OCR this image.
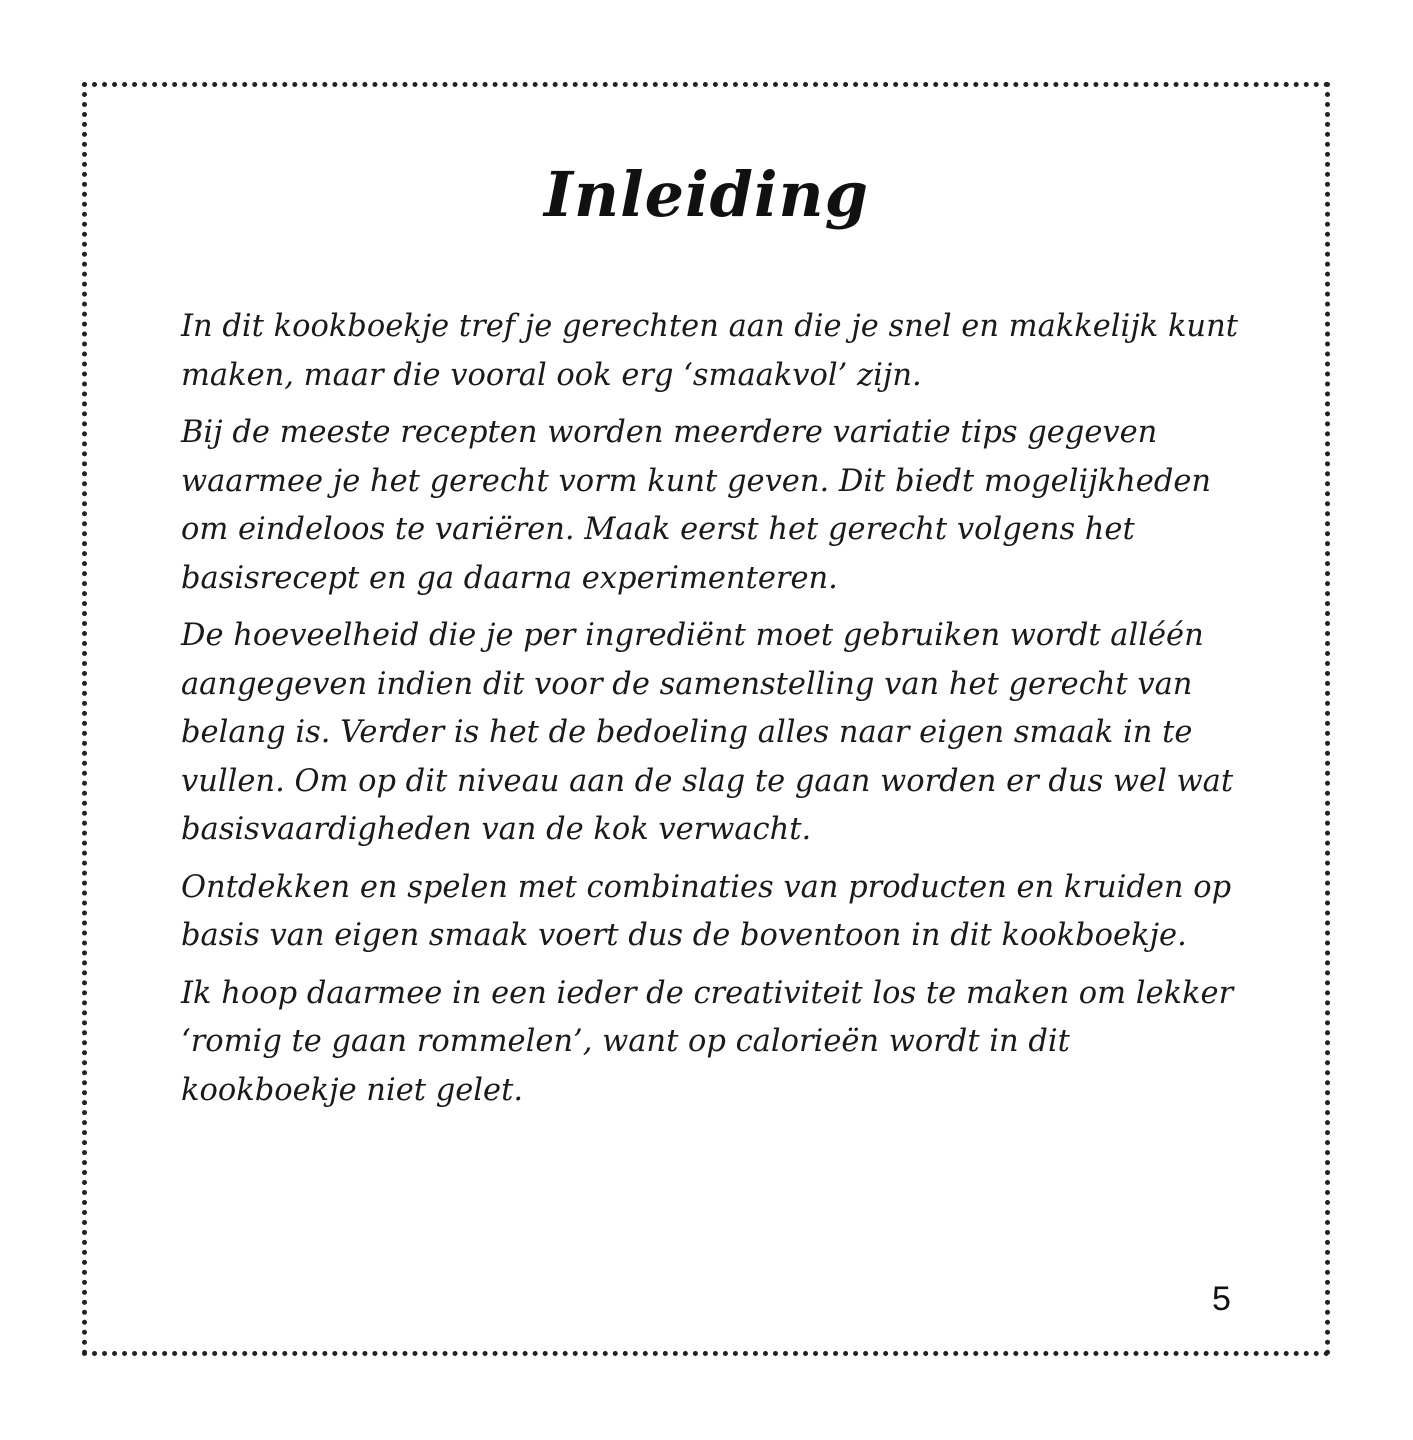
Inleiding

In dit kookboekje tref je gerechten aan die je snel en makkelijk kunt maken, maar die vooral ook erg ‘smaakvol’ zijn.

Bij de meeste recepten worden meerdere variatie tips gegeven waarmee je het gerecht vorm kunt geven. Dit biedt mogelijkheden om eindeloos te variëren. Maak eerst het gerecht volgens het basisrecept en ga daarna experimenteren.

De hoeveelheid die je per ingrediënt moet gebruiken wordt alléén aangegeven indien dit voor de samenstelling van het gerecht van belang is. Verder is het de bedoeling alles naar eigen smaak in te vullen. Om op dit niveau aan de slag te gaan worden er dus wel wat basisvaardigheden van de kok verwacht.

Ontdekken en spelen met combinaties van producten en kruiden op basis van eigen smaak voert dus de boventoon in dit kookboekje.

Ik hoop daarmee in een ieder de creativiteit los te maken om lekker ‘romig te gaan rommelen’, want op calorieën wordt in dit kookboekje niet gelet.

5
